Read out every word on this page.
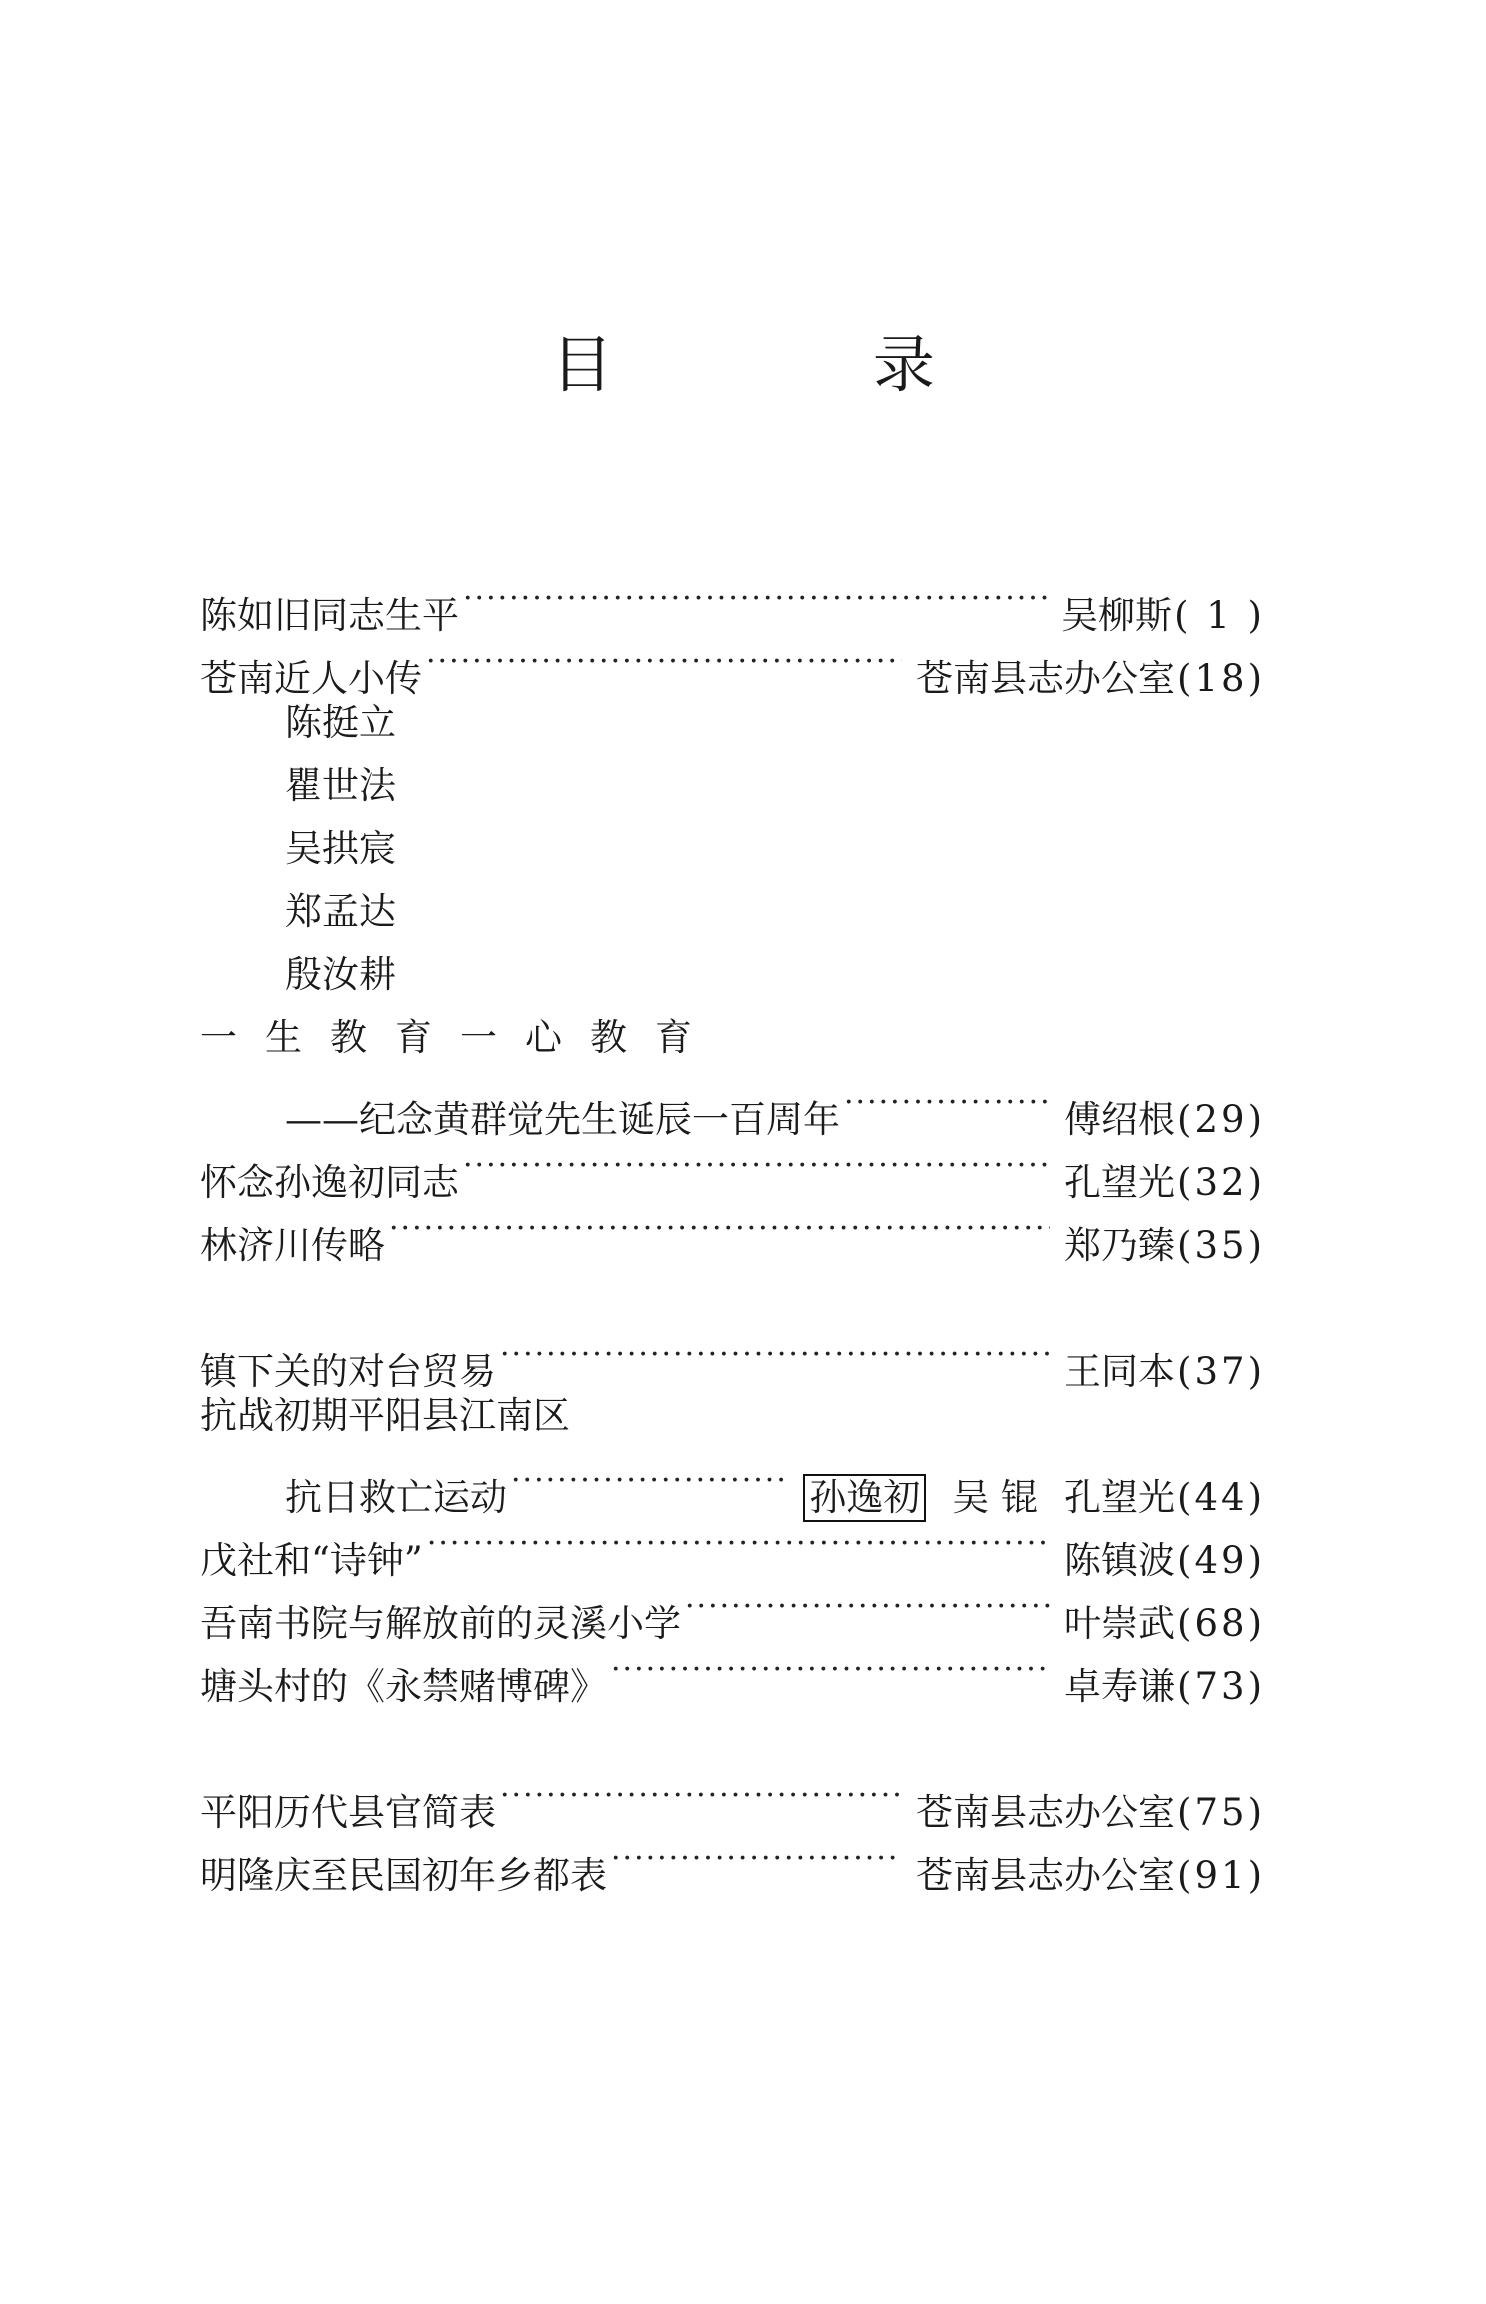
目 录
陈如旧同志生平 ·····	吴柳斯 ( 1 )
苍南近人小传 ·····	苍南县志办公室 (18)
陈挺立
瞿世法
吴拱宸
郑孟达
殷汝耕
一生教育一心教育
——纪念黄群觉先生诞辰一百周年 ·····	傅绍根 (29)
怀念孙逸初同志 ·····	孔望光 (32)
林济川传略 ·····	郑乃臻 (35)
镇下关的对台贸易 ·····	王同本 (37)
抗战初期平阳县江南区
抗日救亡运动 ·····	孙逸初 吴 锟 孔望光 (44)
戊社和“诗钟” ·····	陈镇波 (49)
吾南书院与解放前的灵溪小学 ·····	叶崇武 (68)
塘头村的《永禁赌博碑》 ·····	卓寿谦 (73)
平阳历代县官简表 ·····	苍南县志办公室 (75)
明隆庆至民国初年乡都表 ·····	苍南县志办公室 (91)
